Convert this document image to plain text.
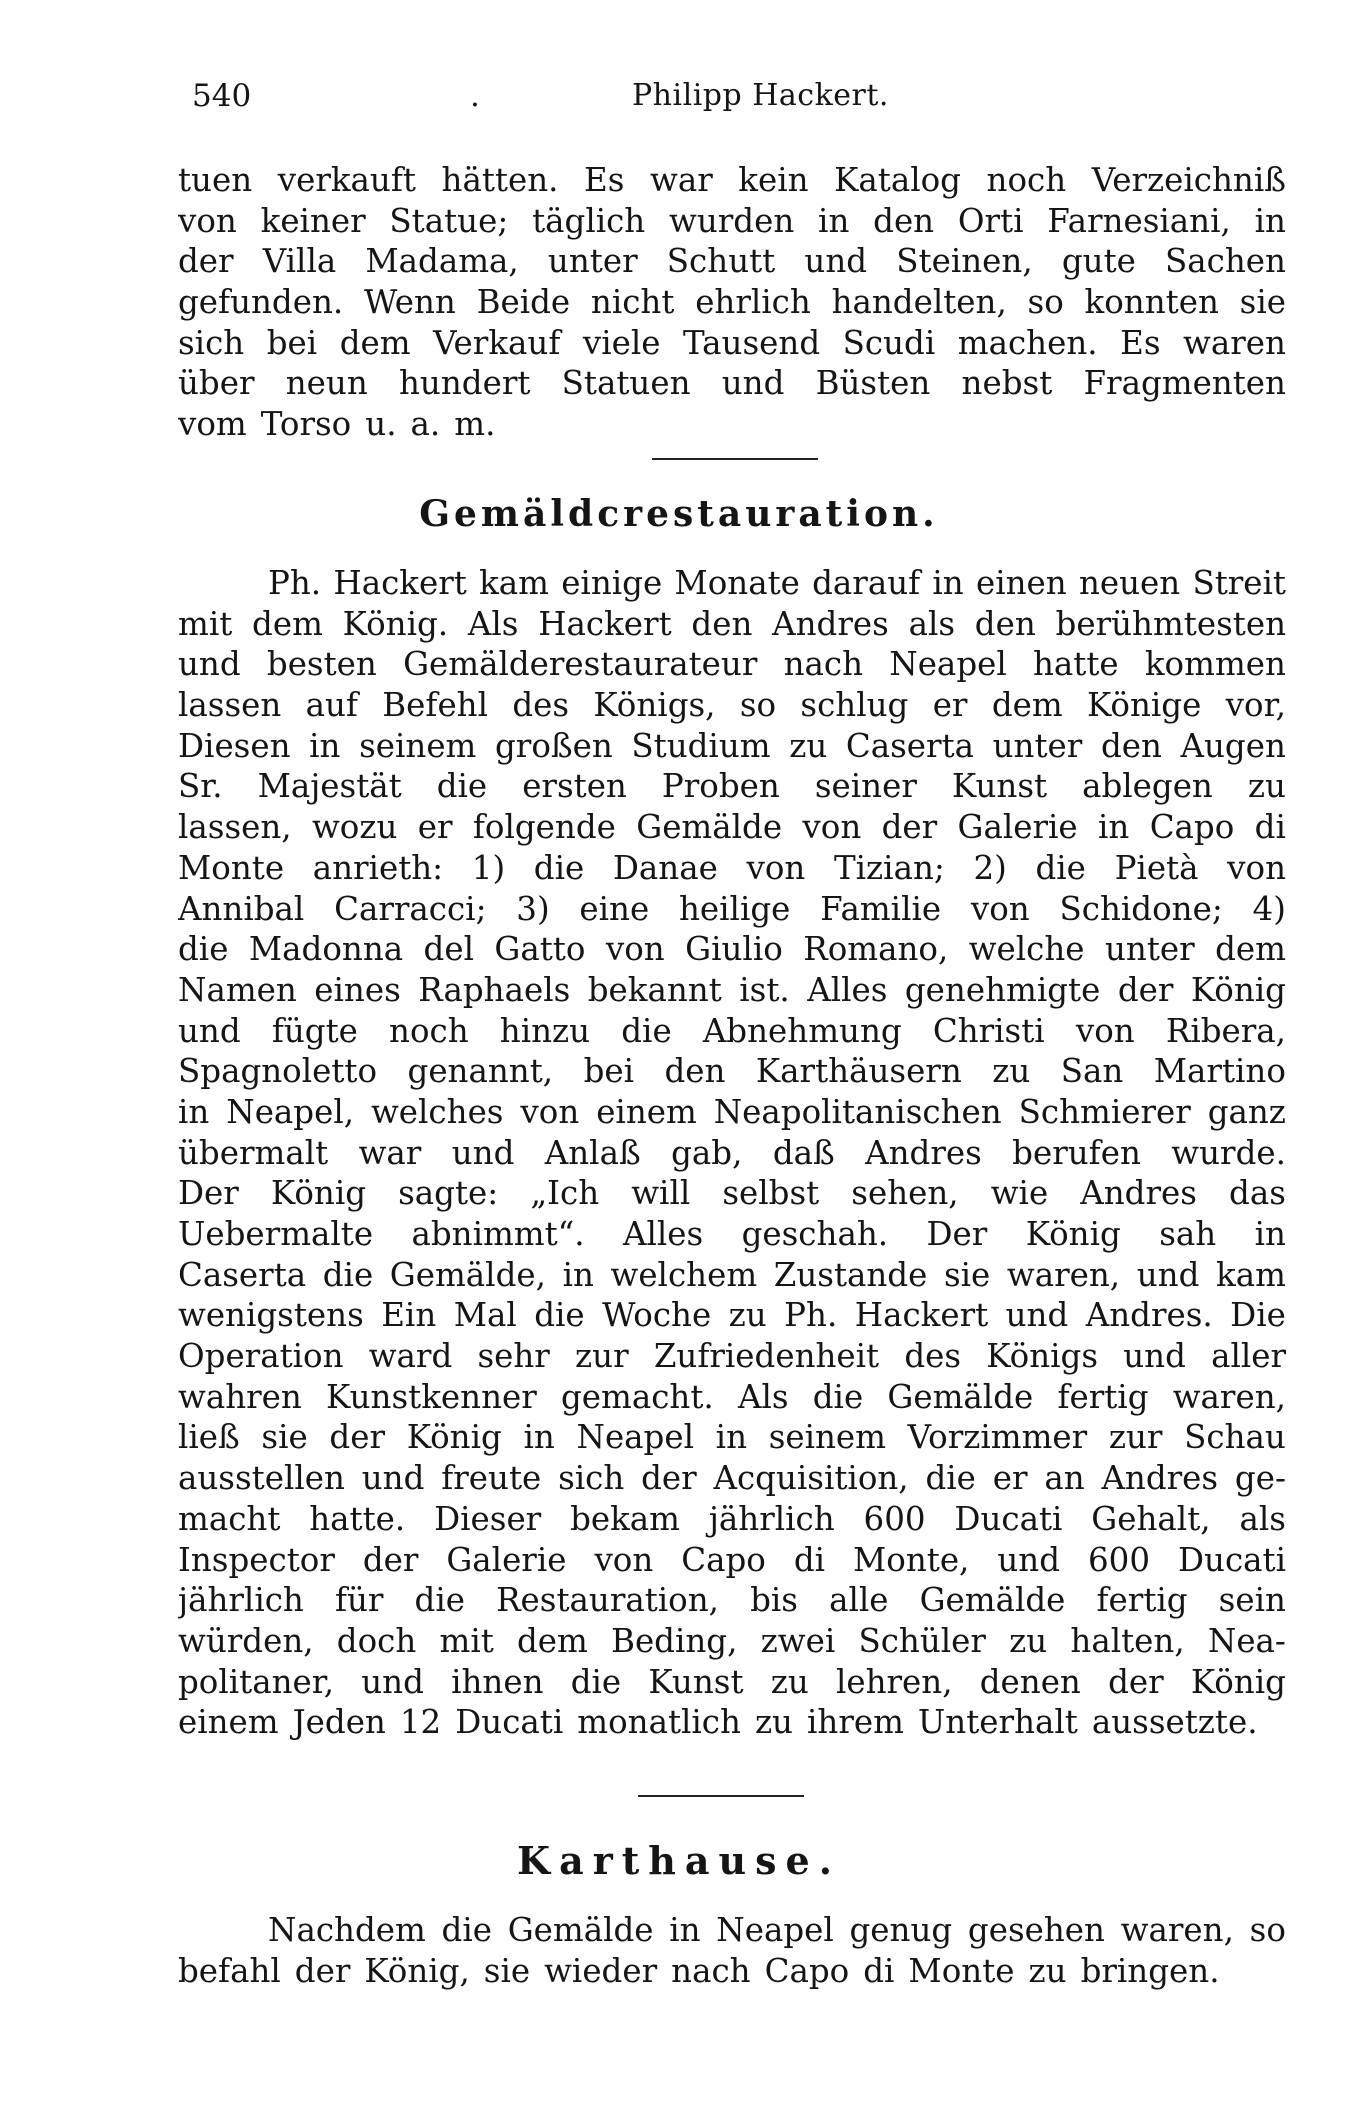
540	.	Philipp Hackert.
tuen verkauft hätten. Es war kein Katalog noch Verzeichniß
von keiner Statue; täglich wurden in den Orti Farnesiani, in
der Villa Madama, unter Schutt und Steinen, gute Sachen
gefunden. Wenn Beide nicht ehrlich handelten, so konnten sie
sich bei dem Verkauf viele Tausend Scudi machen. Es waren
über neun hundert Statuen und Büsten nebst Fragmenten
vom Torso u. a. m.
Gemäldcrestauration.
Ph. Hackert kam einige Monate darauf in einen neuen Streit
mit dem König. Als Hackert den Andres als den berühmtesten
und besten Gemälderestaurateur nach Neapel hatte kommen
lassen auf Befehl des Königs, so schlug er dem Könige vor,
Diesen in seinem großen Studium zu Caserta unter den Augen
Sr. Majestät die ersten Proben seiner Kunst ablegen zu
lassen, wozu er folgende Gemälde von der Galerie in Capo di
Monte anrieth: 1) die Danae von Tizian; 2) die Pietà von
Annibal Carracci; 3) eine heilige Familie von Schidone; 4)
die Madonna del Gatto von Giulio Romano, welche unter dem
Namen eines Raphaels bekannt ist. Alles genehmigte der König
und fügte noch hinzu die Abnehmung Christi von Ribera,
Spagnoletto genannt, bei den Karthäusern zu San Martino
in Neapel, welches von einem Neapolitanischen Schmierer ganz
übermalt war und Anlaß gab, daß Andres berufen wurde.
Der König sagte: „Ich will selbst sehen, wie Andres das
Uebermalte abnimmt“. Alles geschah. Der König sah in
Caserta die Gemälde, in welchem Zustande sie waren, und kam
wenigstens Ein Mal die Woche zu Ph. Hackert und Andres. Die
Operation ward sehr zur Zufriedenheit des Königs und aller
wahren Kunstkenner gemacht. Als die Gemälde fertig waren,
ließ sie der König in Neapel in seinem Vorzimmer zur Schau
ausstellen und freute sich der Acquisition, die er an Andres ge-
macht hatte. Dieser bekam jährlich 600 Ducati Gehalt, als
Inspector der Galerie von Capo di Monte, und 600 Ducati
jährlich für die Restauration, bis alle Gemälde fertig sein
würden, doch mit dem Beding, zwei Schüler zu halten, Nea-
politaner, und ihnen die Kunst zu lehren, denen der König
einem Jeden 12 Ducati monatlich zu ihrem Unterhalt aussetzte.
Karthause.
Nachdem die Gemälde in Neapel genug gesehen waren, so
befahl der König, sie wieder nach Capo di Monte zu bringen.
